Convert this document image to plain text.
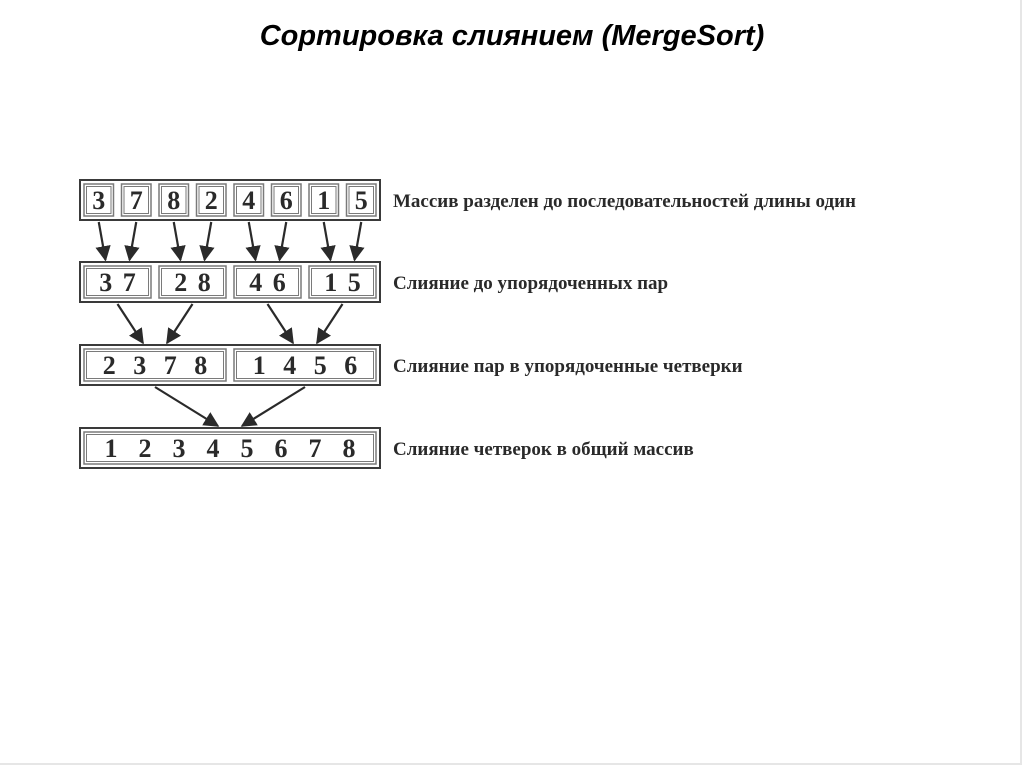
Сортировка слиянием (MergeSort)
3 7 8 2 4 6 1 5
3 7 2 8 4 6 1 5
2 3 7 8 1 4 5 6
1 2 3 4 5 6 7 8
Массив разделен до последовательностей длины один
Слияние до упорядоченных пар
Слияние пар в упорядоченные четверки
Слияние четверок в общий массив
